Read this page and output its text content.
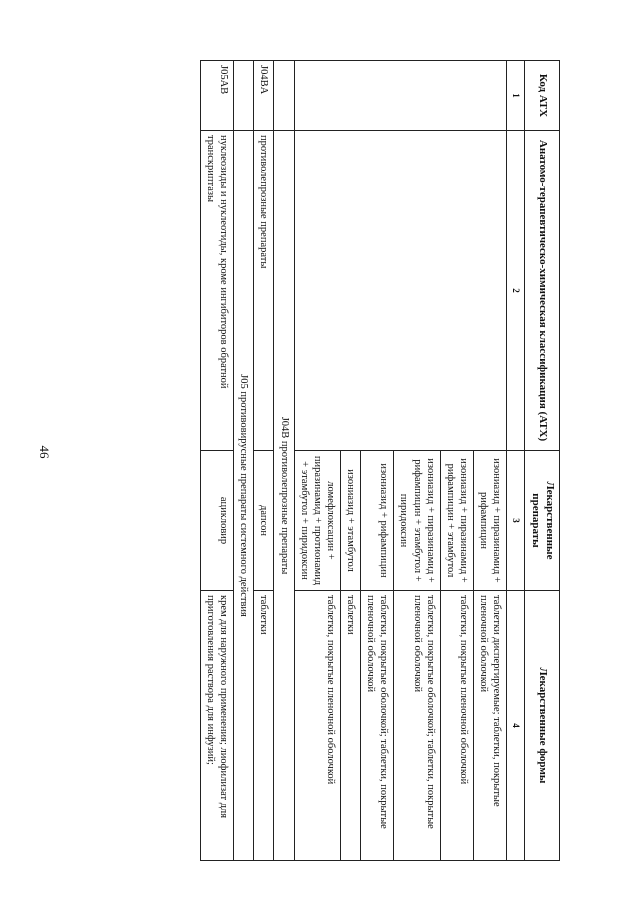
46
Код АТХ	Анатомо-терапевтическо-химическая классификация (АТХ)	Лекарственные препараты	Лекарственные формы
1	2	3	4
		изониазид + пиразинамид + рифампицин	таблетки диспергируемые; таблетки, покрытые пленочной оболочкой
		изониазид + пиразинамид + рифампицин + этамбутол	таблетки, покрытые пленочной оболочкой
		изониазид + пиразинамид + рифампицин + этамбутол + пиридоксин	таблетки, покрытые оболочкой; таблетки, покрытые пленочной оболочкой
		изониазид + рифампицин	таблетки, покрытые оболочкой; таблетки, покрытые пленочной оболочкой
		изониазид + этамбутол	таблетки
		ломефлоксацин + пиразинамид + протионамид + этамбутол + пиридоксин	таблетки, покрытые пленочной оболочкой
	J04B противолепрозные препараты		
J04BA	противолепрозные препараты	дапсон	таблетки
	J05 противовирусные препараты системного действия		
J05AB	нуклеозиды и нуклеотиды, кроме ингибиторов обратной транскриптазы	ацикловир	крем для наружного применения; лиофилизат для приготовления раствора для инфузий;
